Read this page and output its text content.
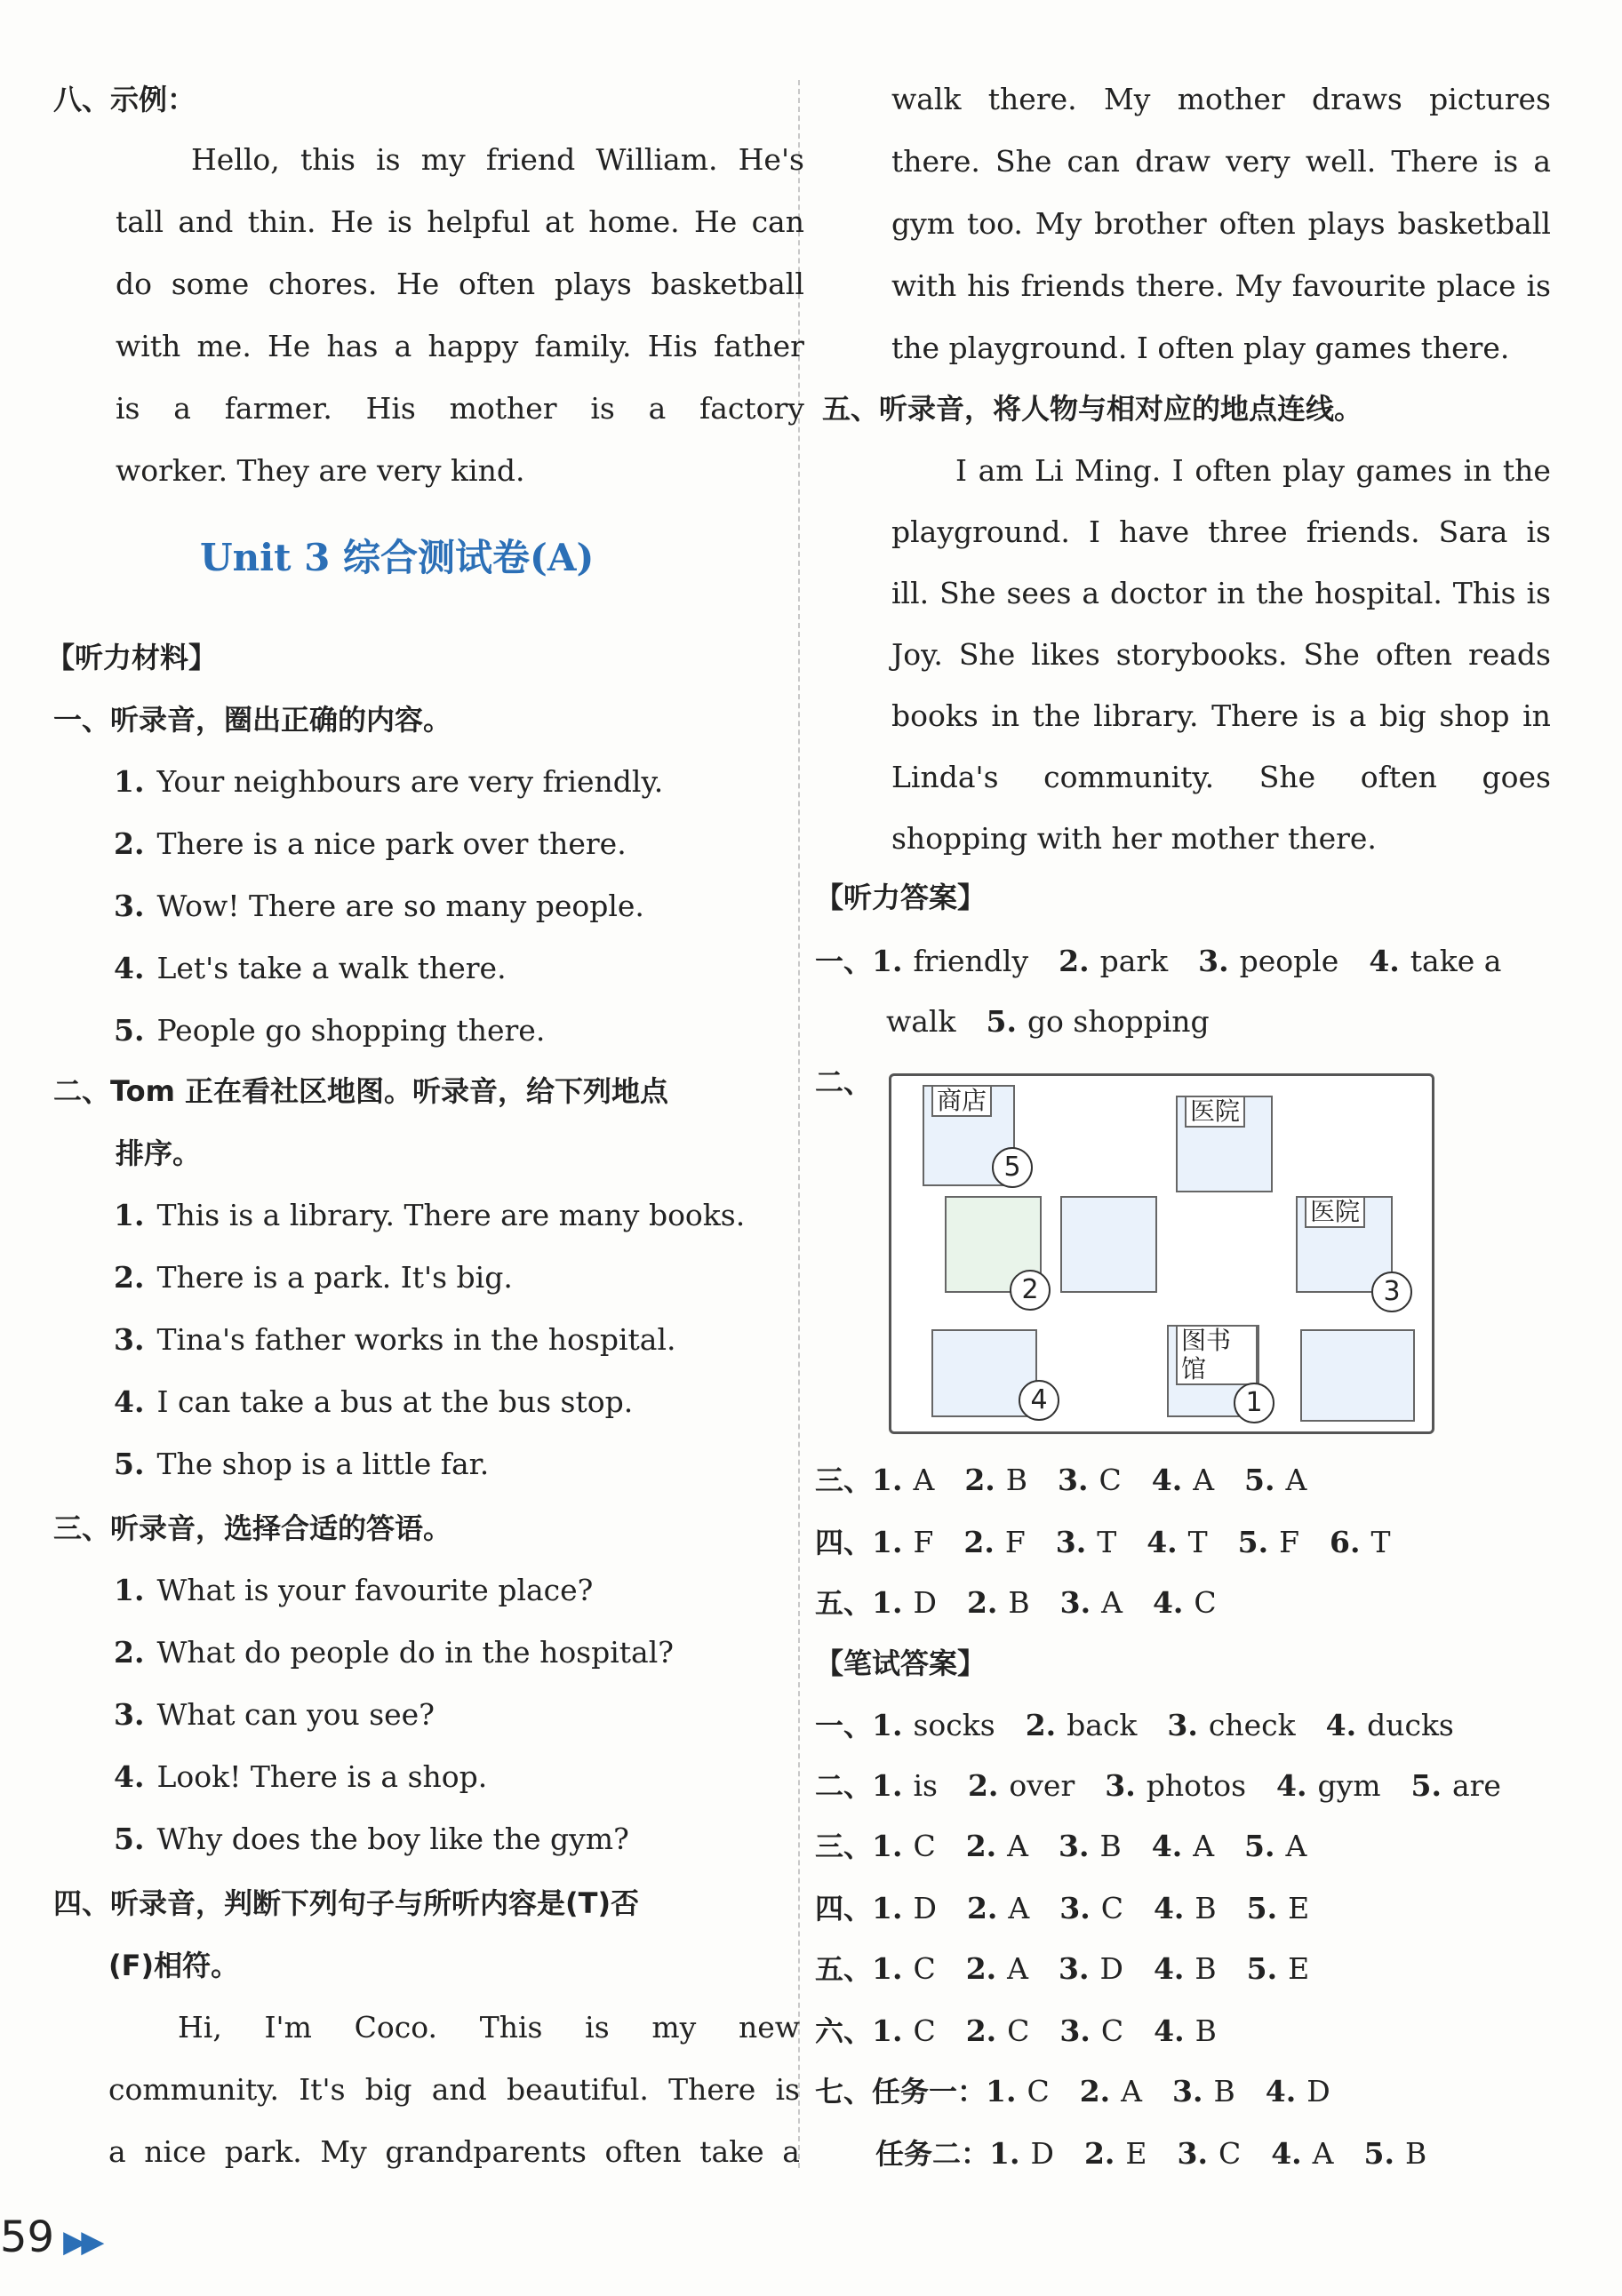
八、示例：
Hello, this is my friend William. He's
tall and thin. He is helpful at home. He can
do some chores. He often plays basketball
with me. He has a happy family. His father
is a farmer. His mother is a factory
worker. They are very kind.
Unit 3 综合测试卷(A)
【听力材料】
一、听录音，圈出正确的内容。
1. Your neighbours are very friendly.
2. There is a nice park over there.
3. Wow! There are so many people.
4. Let's take a walk there.
5. People go shopping there.
二、Tom 正在看社区地图。听录音，给下列地点
排序。
1. This is a library. There are many books.
2. There is a park. It's big.
3. Tina's father works in the hospital.
4. I can take a bus at the bus stop.
5. The shop is a little far.
三、听录音，选择合适的答语。
1. What is your favourite place?
2. What do people do in the hospital?
3. What can you see?
4. Look! There is a shop.
5. Why does the boy like the gym?
四、听录音，判断下列句子与所听内容是(T)否
(F)相符。
Hi, I'm Coco. This is my new
community. It's big and beautiful. There is
a nice park. My grandparents often take a
walk there. My mother draws pictures
there. She can draw very well. There is a
gym too. My brother often plays basketball
with his friends there. My favourite place is
the playground. I often play games there.
五、听录音，将人物与相对应的地点连线。
I am Li Ming. I often play games in the
playground. I have three friends. Sara is
ill. She sees a doctor in the hospital. This is
Joy. She likes storybooks. She often reads
books in the library. There is a big shop in
Linda's community. She often goes
shopping with her mother there.
【听力答案】
一、1. friendly 2. park 3. people 4. take a
walk 5. go shopping
二、
三、1. A 2. B 3. C 4. A 5. A
四、1. F 2. F 3. T 4. T 5. F 6. T
五、1. D 2. B 3. A 4. C
一、1. socks 2. back 3. check 4. ducks
二、1. is 2. over 3. photos 4. gym 5. are
三、1. C 2. A 3. B 4. A 5. A
四、1. D 2. A 3. C 4. B 5. E
五、1. C 2. A 3. D 4. B 5. E
六、1. C 2. C 3. C 4. B
七、任务一：1. C 2. A 3. B 4. D
任务二：1. D 2. E 3. C 4. A 5. B
【笔试答案】
商店
5
医院
2
医院
3
4
图书馆
1
59 ▶▶
